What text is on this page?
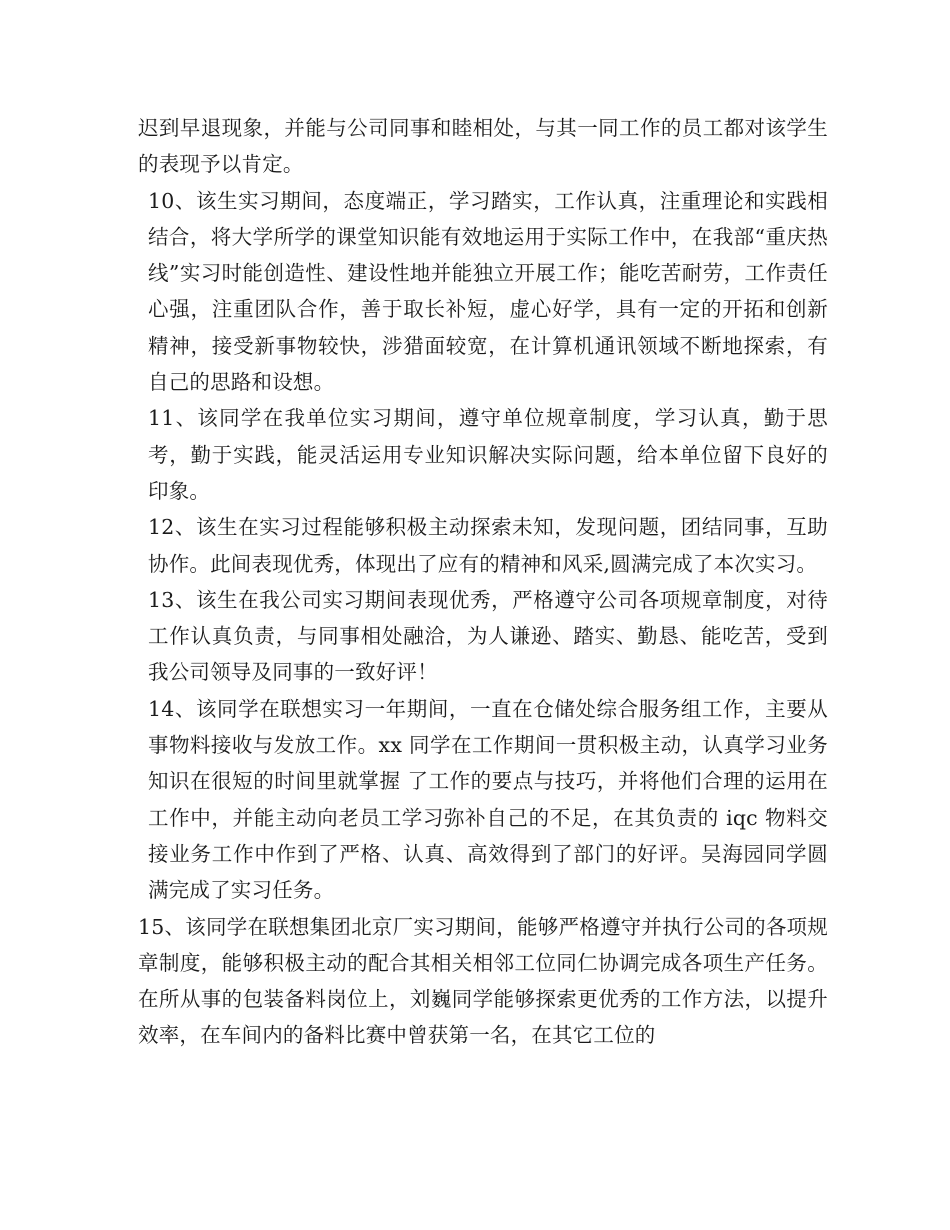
迟到早退现象，并能与公司同事和睦相处，与其一同工作的员工都对该学生的表现予以肯定。

10、该生实习期间，态度端正，学习踏实，工作认真，注重理论和实践相结合，将大学所学的课堂知识能有效地运用于实际工作中，在我部“重庆热线”实习时能创造性、建设性地并能独立开展工作；能吃苦耐劳，工作责任心强，注重团队合作，善于取长补短，虚心好学，具有一定的开拓和创新精神，接受新事物较快，涉猎面较宽，在计算机通讯领域不断地探索，有自己的思路和设想。

11、该同学在我单位实习期间，遵守单位规章制度，学习认真，勤于思考，勤于实践，能灵活运用专业知识解决实际问题，给本单位留下良好的印象。

12、该生在实习过程能够积极主动探索未知，发现问题，团结同事，互助协作。此间表现优秀，体现出了应有的精神和风采,圆满完成了本次实习。

13、该生在我公司实习期间表现优秀，严格遵守公司各项规章制度，对待工作认真负责，与同事相处融洽，为人谦逊、踏实、勤恳、能吃苦，受到我公司领导及同事的一致好评！

14、该同学在联想实习一年期间，一直在仓储处综合服务组工作，主要从事物料接收与发放工作。xx 同学在工作期间一贯积极主动，认真学习业务知识在很短的时间里就掌握 了工作的要点与技巧，并将他们合理的运用在工作中，并能主动向老员工学习弥补自己的不足，在其负责的 iqc 物料交接业务工作中作到了严格、认真、高效得到了部门的好评。吴海园同学圆满完成了实习任务。

15、该同学在联想集团北京厂实习期间，能够严格遵守并执行公司的各项规章制度，能够积极主动的配合其相关相邻工位同仁协调完成各项生产任务。在所从事的包装备料岗位上，刘巍同学能够探索更优秀的工作方法，以提升效率，在车间内的备料比赛中曾获第一名，在其它工位的
